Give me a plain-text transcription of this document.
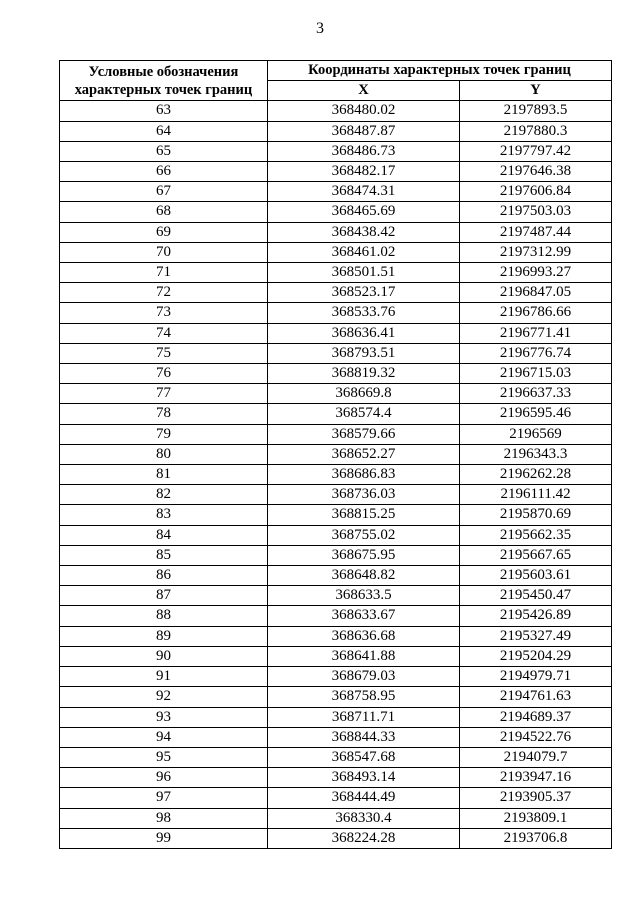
3
Условные обозначения характерных точек границ	Координаты характерных точек границ	
	X	Y
63	368480.02	2197893.5
64	368487.87	2197880.3
65	368486.73	2197797.42
66	368482.17	2197646.38
67	368474.31	2197606.84
68	368465.69	2197503.03
69	368438.42	2197487.44
70	368461.02	2197312.99
71	368501.51	2196993.27
72	368523.17	2196847.05
73	368533.76	2196786.66
74	368636.41	2196771.41
75	368793.51	2196776.74
76	368819.32	2196715.03
77	368669.8	2196637.33
78	368574.4	2196595.46
79	368579.66	2196569
80	368652.27	2196343.3
81	368686.83	2196262.28
82	368736.03	2196111.42
83	368815.25	2195870.69
84	368755.02	2195662.35
85	368675.95	2195667.65
86	368648.82	2195603.61
87	368633.5	2195450.47
88	368633.67	2195426.89
89	368636.68	2195327.49
90	368641.88	2195204.29
91	368679.03	2194979.71
92	368758.95	2194761.63
93	368711.71	2194689.37
94	368844.33	2194522.76
95	368547.68	2194079.7
96	368493.14	2193947.16
97	368444.49	2193905.37
98	368330.4	2193809.1
99	368224.28	2193706.8
